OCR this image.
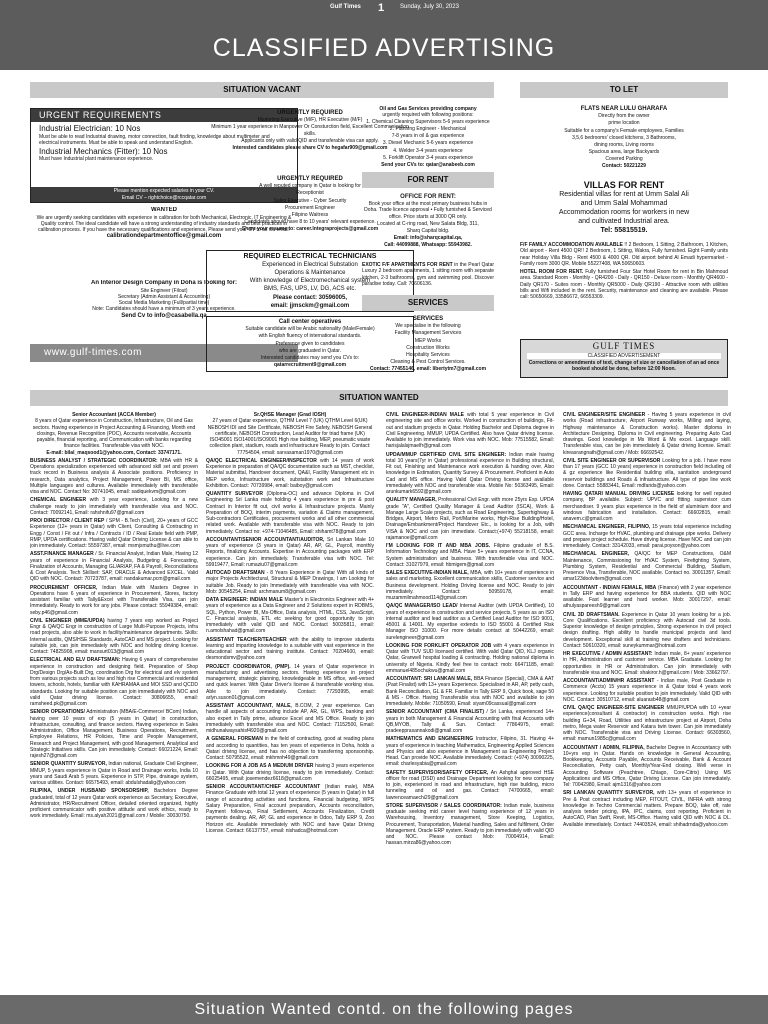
Gulf Times 1	Sunday, July 30, 2023
CLASSIFIED ADVERTISING
SITUATION VACANT	TO LET
URGENT REQUIREMENTS
Industrial Electrician: 10 Nos
Must be able to read Industrial drawing, motor connection, fault finding, knowledge about multimeter and electrical instruments. Must be able to speak and understand English.
Industrial Mechanics (Fitter): 10 Nos
Must have Industrial plant maintenance experience.
Please mention expected salaries in your CV.
Email CV – rightchoice@rccqatar.com
WANTED
We are urgently seeking candidates with experience in calibration for both Mechanical, Electronic, IT Engineering & Quality control. The ideal candidate will have a strong understanding of industry standards and best practices in calibration process. If you have the necessary qualifications and experience, Please send your CV to us via email:
calibrationdepartmentoffice@gmail.com
An Interior Design Company in Doha is looking for:
Site Engineer (Filout)
Secretary (Admin Assistant & Accounting)
Social Media Marketing (Full/partial time)
Note: Candidates should have a minimum of 3 years experience.
Send Cv to info@casabella.qa
www.gulf-times.com
URGENTLY REQUIRED

Marketing Executive (M/F), HR Executive (M/F)

Minimum 1 year experience in Manpower Or Consturction field, Excellent Communication skills.

Applicants only with valid QID and transferable visa can apply.

Interested candidates please share CV to hegafar909@gmail.com

URGENTLY REQUIRED

A well reputed company in Qatar is looking for

Receptionist

Sales Executive - Cyber Security

Procurement Engineer

Filipino Waitress

Candidates should have 8 to 10 years' relevant experience.

Share your resume to: career.Integraprojects@gmail.com

REQUIRED ELECTRICAL TECHNICIANS

Experienced in Electrical Substation

Operations & Maintenance

With knowledge of Electromechanical system

BMS, FAS, UPS, LV, DG, ACS etc.

Please contact: 30596005,

email: jjmsckm@gmail.com

Call center operatives

Suitable candidate will be Arabic nationality (Male/Female)

with English fluency of international standards.

Preference given to candidates

who are graduated in Qatar.

Interested candidates may send you CVs to:

qatarrecruitment9@gmail.com

Oil and Gas Services providing company

urgently required with following positions:

1. Chemical Cleaning Supervisors 5-6 years experience

2. Planning Engineer - Mechanical

7-8 years in oil & gas experience

3. Diesel Mechanic 5-6 years experience

4. Welder 3-4 years experience

5. Forklift Operator 3-4 years experience

Send your CVs to: qatar@anabeeb.com

FOR RENT
OFFICE FOR RENT:

Book your office at the most primary business hubs in Doha. Trade licence approval • Fully furnished & Serviced office. Price starts at 3000 QR only.

Located at C-ring road, New Salata Bldg, 311,

Sharq Capital bldg.

Email: info@sharqcapital.qa,

Call: 44099888, Whatsapp: 55943982.

EXOTIC F/F APARTMENTS FOR RENT in the Pearl Qatar Luxury 2 bedroom apartments, 1 sitting room with separate kitchen, 2-3 bathrooms, gym and swimming pool. Discover paradise today. Call: 70606136.

SERVICES
SERVICES

We specialise in the following

Facility Management Services

MEP Works

Construction Works

Hospitality Services

Cleaning & Pest Control Services.

Contact: 77455146, email: libertytm7@gmail.com

FLATS NEAR LULU GHARAFA

Directly from the owner

prime location

Suitable for a company's Female employees, Families

3,5,6 bedrooms' closed kitchens, 3 Bathrooms,

dining rooms, Living rooms

Spacious area, large Backyards

Covered Parking

Contact: 50221229

VILLAS FOR RENT

Residential villas for rent at Umm Salal Ali

and Umm Salal Mohammad

Accommodation rooms for workers in new

and cultivated Industrial area.

Tel: 55815519.

F/F FAMILY ACCOMMODATION AVAILABLE !! 2 Bedroom, 1 Sitting, 2 Bathroom, 1 Kitchen, Old airport - Rent 4500 QR!! 2 Bedroom, 1 Sitting, Wakra, Fully furnished. Eight Family units near Holiday Villa Bldg - Rent 4500 & 4000 QR. Old airport behind Al Emadi hypermarket - Family room 3000 QR. Mobile 55227408, WA 50650603.

HOTEL ROOM FOR RENT. Fully furnished Four Star Hotel Room for rent in Bin Mahmoud area. Standard Room - Monthly - QR4200 - Daily - QR150 - Deluxe room - Monthly QR4600 - Daily QR170 - Suites room - Monthly QR5000 - Daily QR190 - Attractive room with utilities bills and Wifi included in the rent. Security, maintenance and cleaning are available. Please call: 50650669, 33586672, 66553309.

GULF TIMES
CLASSIFIED ADVERTISEMENT
Corrections or amendments of text, change of size or cancellation of an ad once booked should be done, before 12:00 Noon.
SITUATION WANTED

Senior Accountant (ACCA Member)
8 years of Qatar experience in Construction, Infrastructure, Oil and Gas sectors. Having experience in Project Accounting & Financing, Month end closings, Revenue Recognition (POC), Accounts receivable, Accounts payable, financial reporting, and Communication with banks regarding finance facilities. Transferable visa with NOC.
E-mail: bilal_maqsood1@yahoo.com, Contact: 33747171.

BUSINESS ANALYST / STRATEGIC COORDINATOR: MBA with HR & Operations specialization experienced with advanced skill set and proven track record in Business analysis & Associate positions. Proficiency in research, Data analytics, Project Management, Power BI, MS office, Multiple languages and cultures. Available immediately with transferable visa and NOC. Contact No: 30741045, email: sadiquekvm@gmail.com

CHEMICAL ENGINEER with 3 year experience, Looking for a new challenge ready to join immediately with transferable visa and NOC. Contact: 70092141, Email: rahshnifu97@gmail.com

PRO/ DIRECTOR / CLIENT REP / SPM - B.Tech (Civil), 20+ years of GCC Experience (12+ years in Qatar) with Client, Consulting & Contracting in Engg / Const / Fit out / Infra / Contracts / ID / Real Estate field with PMP, RMP, UPDA certifications. Having valid Qatar Driving License & can able to join immediately. Contact: 55597387, email: msmjsmuthu@live.com

ASST.FINANCE MANAGER / Sr. Financial Analyst, Indian Male, Having 12 years of experience in Financial Analysis, Budgeting & Forecasting, Finalization of Accounts, Managing GL/AR/AP, FA & Payroll, Reconciliations & Cost Analysis. Tech Skillset: SAP, ORACLE & Advanced EXCEL. Valid QID with NOC. Contact: 70723787, email: nandakumar.pcm@gmail.com

PROCUREMENT OFFICER, Indian Male with Masters Degree in Operations have 6 years of experience in Procurement, Stores, factory assistant familiar with Tally&Excel with Transferable Visa, can join Immediately. Ready to work for any jobs. Please contact: 55949384, email: seby.p46@gmail.com

CIVIL ENGINEER (MME/UPDA) having 7 years exp worked as Project Engr & QA/QC Engr in construction of Large Multi-Purpose Projects, infra road projects, also able to work in facility/maintenance departments. Skills: Internal audits, QMS/HSE Standards, AutoCAD and MS project. Looking for suitable job, can join immediately with NOC and holding driving license. Contact: 74825908, email: mansurt013@gmail.com

ELECTRICAL AND ELV DRAFTSMAN: Having 6 years of comprehensive experience in construction and designing field. Preparation of Shop Drg/Design Drg/As-Built Drg, coordination Drg for electrical and elv system from various projects such as low and high rise Commercial and residential towers, schools, hotels, familiar with KAHRAMAA and MOI SSD and QCDD standards. Looking for suitable position can join immediately with NOC and valid Qatar driving license. Contact: 30806655, email: ramsheed.pk@gmail.com

SENIOR OPERATIONS/ Administration (MBA/E-Commerce/ BCom) Indian, having over 10 years of exp (5 years in Qatar) in construction, infrastructure, consulting, and finance sectors. Having experience in Sales Administration, Office Management, Business Operations, Recruitment, Employee Relations, HR Policies, Time and People Management, Research and Project Management, with good Management, Analytical and Strategic Initiatives skills. Can join immediately. Contact: 66021224, Email: rajesh27@gmail.com

SENIOR QUANTITY SURVEYOR, Indian national, Graduate Civil Engineer, MMUP, 5 years experience in Qatar in Road and Drainage works, India 10 years and Saudi Arab 5 years. Experience in STP, Pipe, drainage system, various utilities. Contact: 66575493, email: abdulshadalig@yahoo.com

FILIPINA, UNDER HUSBAND SPONSORSHIP, Bachelors Degree graduated, total of 12 years Qatar work experience as Secretary, Executive, Administrator, HR/Recruitment Officer, detailed oriented organized, highly proficient communicator with positive attitude and work ethics, ready to work immediately. Email: ms.alyah2021@gmail.com / Mobile: 30030750.

Sr.QHSE Manager (Grad IOSH)
27 years of Qatar experience, QTHM Level 7 (UK) QTHM Level 6(UK) NEBOSH IDI and Site Certificate, NEBOSH Fire Safety, NEBOSH General certificate, NEBOSH Construction, Lead Auditor for triad frame (UK) ISO45001 ISO14001/ISO9001 High rise building, MEP, pneumatic waste collection plant, stadium, roads and infrastructure Ready to join. Contact: 77754504, email: sarvasaman1970@gmail.com

QA/QC ELECTRICAL ENGINEER/INSPECTOR with 14 years of work Experience in preparation of QA/QC documentation such as MST, checklist, Material submittal, Handover document, QA&I, Facility Management etc in MEP works, Infrastructure work, substation work and Infrastructure Exhibition. Contact: 70739984, email: baiboy@gmail.com

QUANTITY SURVEYOR (Diploma-OC) and advance Diploma in Civil Engineering Sri Lanka male holding 4 years experience in pre & post Contract in Interior fit out, civil works & Infrastructure projects. Mainly Preparation of BOQ, interim payments, variation & Claims management, Sub-contractors Certificates, procurement works and all other commercial related work. Available with transferable visa with NOC. Ready to join immediately. Contact no: +974-71046485, Email: shihamt78@gmail.com

ACCOUNTANT/SENIOR ACCOUNTANT/AUDITOR, Sri Lankan Male 10 years of experience (3 years in Qatar) AR, AP, GL, Payroll, monthly Reports, finalizing Accounts. Expertise in Accounting packages with ERP experience. Can join immediately. Transferable visa with NOC. Tel: 59919477, Email: rumaziu07@gmail.com

AUTOCAD DRAFTSMAN - 8 Years Experience in Qatar With all kinds of major Projects Architectural, Structural & MEP Drawings, I am Looking for suitable Job. Ready to join Immediately with transferable visa with NOC. Mob: 30545254, Email: archmanum8@gmail.com

DATA ENGINEER: INDIAN MALE Master's in Electronics Engineer with 4+ years of experience as a Data Engineer and 2 Solutions expert in RDBMS, SQL, Python, Power BI, Ms-Office, Data analysis, HTML, CSS, JavaScript, C. Financial analysis, ETL etc seeking for good opportunity to join immediately with valid QID and NOC. Contact 50035811, email: n.amolshahad@gmail.com

ASSISTANT TEACHER/TEACHER with the ability to improve students learning and imparting knowledge to a suitable with vast experience in the educational sector and training institute. Contact: 70204600, email: desmondsmv@yahoo.com

PROJECT COORDINATOR, (PMP). 14 years of Qatar experience in manufacturing and advertising sectors. Having experience in project management, strategic planning, knowledgeable in MS office, well-versed and quick learner. With Qatar Driver's license & transferable working visa. Able to join immediately. Contact: 77293995, email: arlyn.suson01@gmail.com

ASSISTANT ACCOUNTANT, MALE, B.COM, 2 year experience. Can handle all aspects of accounting include AP, AR, GL, WPS, banking and also expert in Tally prime, advance Excel and MS Office. Ready to join immediately with transferable visa and NOC. Contact: 71152500, Email: midhunalwaysahisf4920@gmail.com

A GENERAL FOREMAN in the field of contracting, good at reading plans and according to quantities, has ten years of experience in Doha, holds a Qatari driving license, and has no objection to transferring sponsorship. Contact: 50795522, email: mkhmnh49@gmail.com

LOOKING FOR A JOB AS A MEDIUM DRIVER having 3 years experience in Qatar. With Qatar driving license, ready to join immediately. Contact: 66025495, email: josemendez6618@gmail.com

SENIOR ACCOUNTANT/CHIEF ACCOUNTANT (Indian male), MBA Finance Graduate with total 12 years of experience (5 years in Qatar) in full range of accounting activities and functions, Financial budgeting, WPS Salary Preparation, Final account preparation, Accounts reconciliation, Payment follow-up, Final Settlement, Accounts Finalization, Credit payments dealing. AR, AP, GL and experience in Odoo, Tally ERP 9, Zoo Horizon etc. Available immediately with NOC and have Qatar Driving License. Contact: 66137757, email: nishadca@hotmail.com

CIVIL ENGINEER-INDIAN MALE with total 5 year experience in Civil engineering site and office works. Worked in construction of buildings, Fit-out and stadium projects in Qatar. Holding Bachelor and Diploma degree in Civil Engineering. MMUP, UPDA Certified. Also have Qatar driving license. Available to join immediately. Work visa with NOC. Mob: 77515582, Email: harisjalalsjmaelfr@gmail.com

UPDA/MMUP CERTIFIED CIVIL SITE ENGINEER: Indian male having total 10 years(7yr in Qatar) professional experience in Building structural, Fit out, Finishing and Maintenance work execution & handing over. Also knowledge in Estimation, Quantity Survey & Procurement. Proficient in Auto Cad and MS office. Having Valid Qatar Driving license and available immediately with NOC and transferable visa. Mobile No: 50363495, Email: arunkumark6592@gmail.com

QUALITY MANAGER, Professional Civil Engr. with more 25yrs Exp. UPDA grade "A", Certified Quality Manager & Lead Auditor (ISCA), Work & Manage Large Scale projects, such as Road Engineering, Superhighway & Bridges, Airport, Metro Rail, Port/Marine works, High-Rise Building/Hotel, Drainage/Embankment/Project Handover Etc., is looking for a Job, with VISA & NOC and can join immediate. Contact:(+974) 55218158, email: rajamanoe@gmail.com

I'M LOOKING FOR IT AND MBA JOBS. Filipino graduate of B.S. Information Technology and MBA. Have 5+ years experience in IT, CCNA, System administration and business. With transferable visa and NOC. Contact: 31027979, email: hbmigem@gmail.com

SALES EXECUTIVE-INDIAN MALE, MBA, with 10+ years of experience in sales and marketing. Excellent communication skills, Customer service and Business development. Holding Driving license and NOC. Ready to join immediately. Contact: 50959178, email: muzammilmahmood114@gmail.com

QA/QC MANAGER/ISO LEAD/ Internal Auditor (with UPDA Certified), 10 years of experience in construction and service projects, 5 years as an ISO internal auditor and lead auditor as a Certified Lead Auditor for ISO 9001, 45001 & 14001. My expertise extends to ISO 55001 & Certified Risk Manager ISO 31000. For more details contact at 50442269, email: surelengineer@gmail.com

LOOKING FOR FORKLIFT OPERATOR JOB with 4 years experience in Qatar with TUV SUD licensed certified. With valid Qatar QID, KLJ organic Qatar, Granwell hospital loading & contracting. Holding national diploma in university of Nigeria. Kindly feel free to contact: mob: 66471185, email: emmanuel485ochukwu@gmail.com

ACCOUNTANT: SRI LANKAN MALE, BBA Finance (Special), CMA & AAT (Past Finalist) with 13+ years Experience. Specialised in AR, AP, petty cash, Bank Reconciliation, GL & FR. Familiar in Tally ERP 9, Quick book, sage 50 & MS - Office. Having Transferable visa with NOC and available to join immediately. Mobile: 71050590, Email: siyam09cassual@gmail.com

SENIOR ACCOUNTANT (CMA FINALIST) / Sri Lanka, experienced 14+ years in both Management & Financial Accounting with final Accounts with QB,MYOB, Tally & Sun. Contact: 77864975, email: pradeepprasannakodi@gmail.com

MATHEMATICS AND ENGINEERING Instructor, Filipino, 31. Having 4+ years of experience in teaching Mathematics, Engineering Applied Sciences and Physics and also experience in Management as Engineering Project Head. Can provide NOC. Available immediately. Contact: (+974) 30090225, email: charlesyabia@gmail.com

SAFETY SUPERVISOR/SAFETY OFFICER, An Ashghal approved HSE officer for road (DSD) and Drainage Department looking for new company to join, experienced in road and infrastructure, high rise building, micro tunneling and oil and gas. Contact: 74700665, email: lawrenceamaechi29@gmail.com

STORE SUPERVISOR / SALES COORDINATOR: Indian male, business graduate seeking mid career level having experience of 12 years in Warehousing, Inventory management, Store Keeping, Logistics, Procurement, Transportation, Material handling, Sales and fulfilment, Order Management. Oracle ERP system. Ready to join immediately with valid QID and NOC. Please contact Mob: 70004914, Email: hassan.mirza86@yahoo.com

CIVIL ENGINEER/SITE ENGINEER - Having 5 years experience in civil works (Road infrastructure, Airport Runway works, Milling and laying, Highway maintenance & Construction works). Master diploma in Architecture Designing. Diploma in Civil engineering. Preparing Auto Cad drawings. Good knowledge in Ms Word & Ms excel. Language skill. Transferable visa, can be join immediately & Qatar driving license. Email: kireasrangnath@gmail.com / Mob: 66692542.

CIVIL SITE ENGINEER OR SUPERVISOR Looking for a job. I have more than 17 years (GCC 10 years) experience in construction field including oil & gz experience like Residential building villa, sanitation underground reservoir buildings and Roads & infrastructure. All type of pipe line work done. Contact: 55883441, Email: mdfarids@yahoo.com

HAVING QATARI MANUAL DRIVING LICENSE looking for well reputed company, BP available. Subject: UPVC and fitting supervisor cum merchandiser. 9 years plus experience in the field of aluminium door and windows fabrication and installation. Contact: 66602815, email: anavem.c@gmail.com

MECHANICAL ENGINEER, FILIPINO, 15 years total experience including GCC area. Incharge for HVAC, plumbing and drainage pipe works. Delivery and prepare project schedule. Have driving license. Have NOC and can join immediately. Contact: 33142033, email: parai.poyson@yahoo.com

MECHANICAL ENGINEER, QA/QC for MEP Constructions, O&M Maintenance, Commissioning for HVAC System, Firefighting System, Plumbing System, Residential and Commercial Building, Stadium, Presence Visa, Transferable, NOC available. Contact no. 30011357, Email: amar123doolvitem@gmail.com

ACCOUNTANT - INDIAN FEMALE, MBA (Finance) with 2 year experience in Tally ERP and having experience for BBA students. QID with NOC available. Fast learner and hard worker. Mob: 30017297, email: athulyaspareesh9@gmail.com

CIVIL 3D DRAFTSMAN. Experience in Qatar 10 years looking for a job. Core Qualifications. Excellent proficiency with Autocad civil 3d tools. Superior knowledge of design principles, Strong experience in civil project design drafting. High ability to handle municipal projects and land development. Exceptional skill at training new drafters and technicians. Contact: 50610320, email: suneykummar@hotmail.com

HR EXECUTIVE / ADMIN ASSISTANT: Indian male, 8+ years' experience in HR, Administration and customer service. MBA Graduate. Looking for opportunities in HR or Administration. Can join immediately with transferable visa and NOC. Email: shakiror.h@gmail.com / Mob: 33662797.

ACCOUNTANT/ADMIN/HR ASSISTANT - Indian male, Post Graduate in Commerce (Accts) 15 years experience in & Qatar total 4 years work experience. Looking for suitable position to join immediately. Valid QID with NOC. Contact: 30510712, email: aluarasb48@gmail.com

CIVIL QA/QC ENGINEER-SITE ENGINEER MMUP/UPDA with 10 +year experience(consultant & contractor) in construction works. High rise building G+34, Road, Utilities and infrastructure project at Airport, Doha metro, Mega water Reservoir and Katara twin tower. Can join immediately with NOC. Transferable visa and Driving License. Contact: 66303560, email: mamun1985c@gmail.com

ACCOUNTANT / ADMIN, FILIPINA, Bachelor Degree in Accountancy with 10+yrs exp in Qatar. Hands on knowledge in General Accounting, Bookkeeping, Accounts Payable, Accounts Receivable, Bank & Account Reconciliation, Petty cash, Monthly/Year-End closing. Well verse in Accounting Software (Peachtree, Chiago, Core-Citrix) Using MS Applications and MS Office, Qatar Driving License. Can join immediately. Tel: 70042980, Email: ajm1316@yahoo.com

SRI LANKAN QUANTITY SURVEYOR, with 13+ years of experience in Pre & Post contract including MEP, FITOUT, CIVIL, INFRA with strong knowledge in Techno Commercial matters. Prepare BOQ, take off, rate analysis tender pricing, IPA, IPC, claims, cost reporting. Proficient in AutoCAD, Plan Swift, Revit, MS-Office. Having valid QID with NOC & DL. Available immediately. Contact: 74403524, email: shihadrnda@yahoo.com

Situation Wanted contd. on the following pages
